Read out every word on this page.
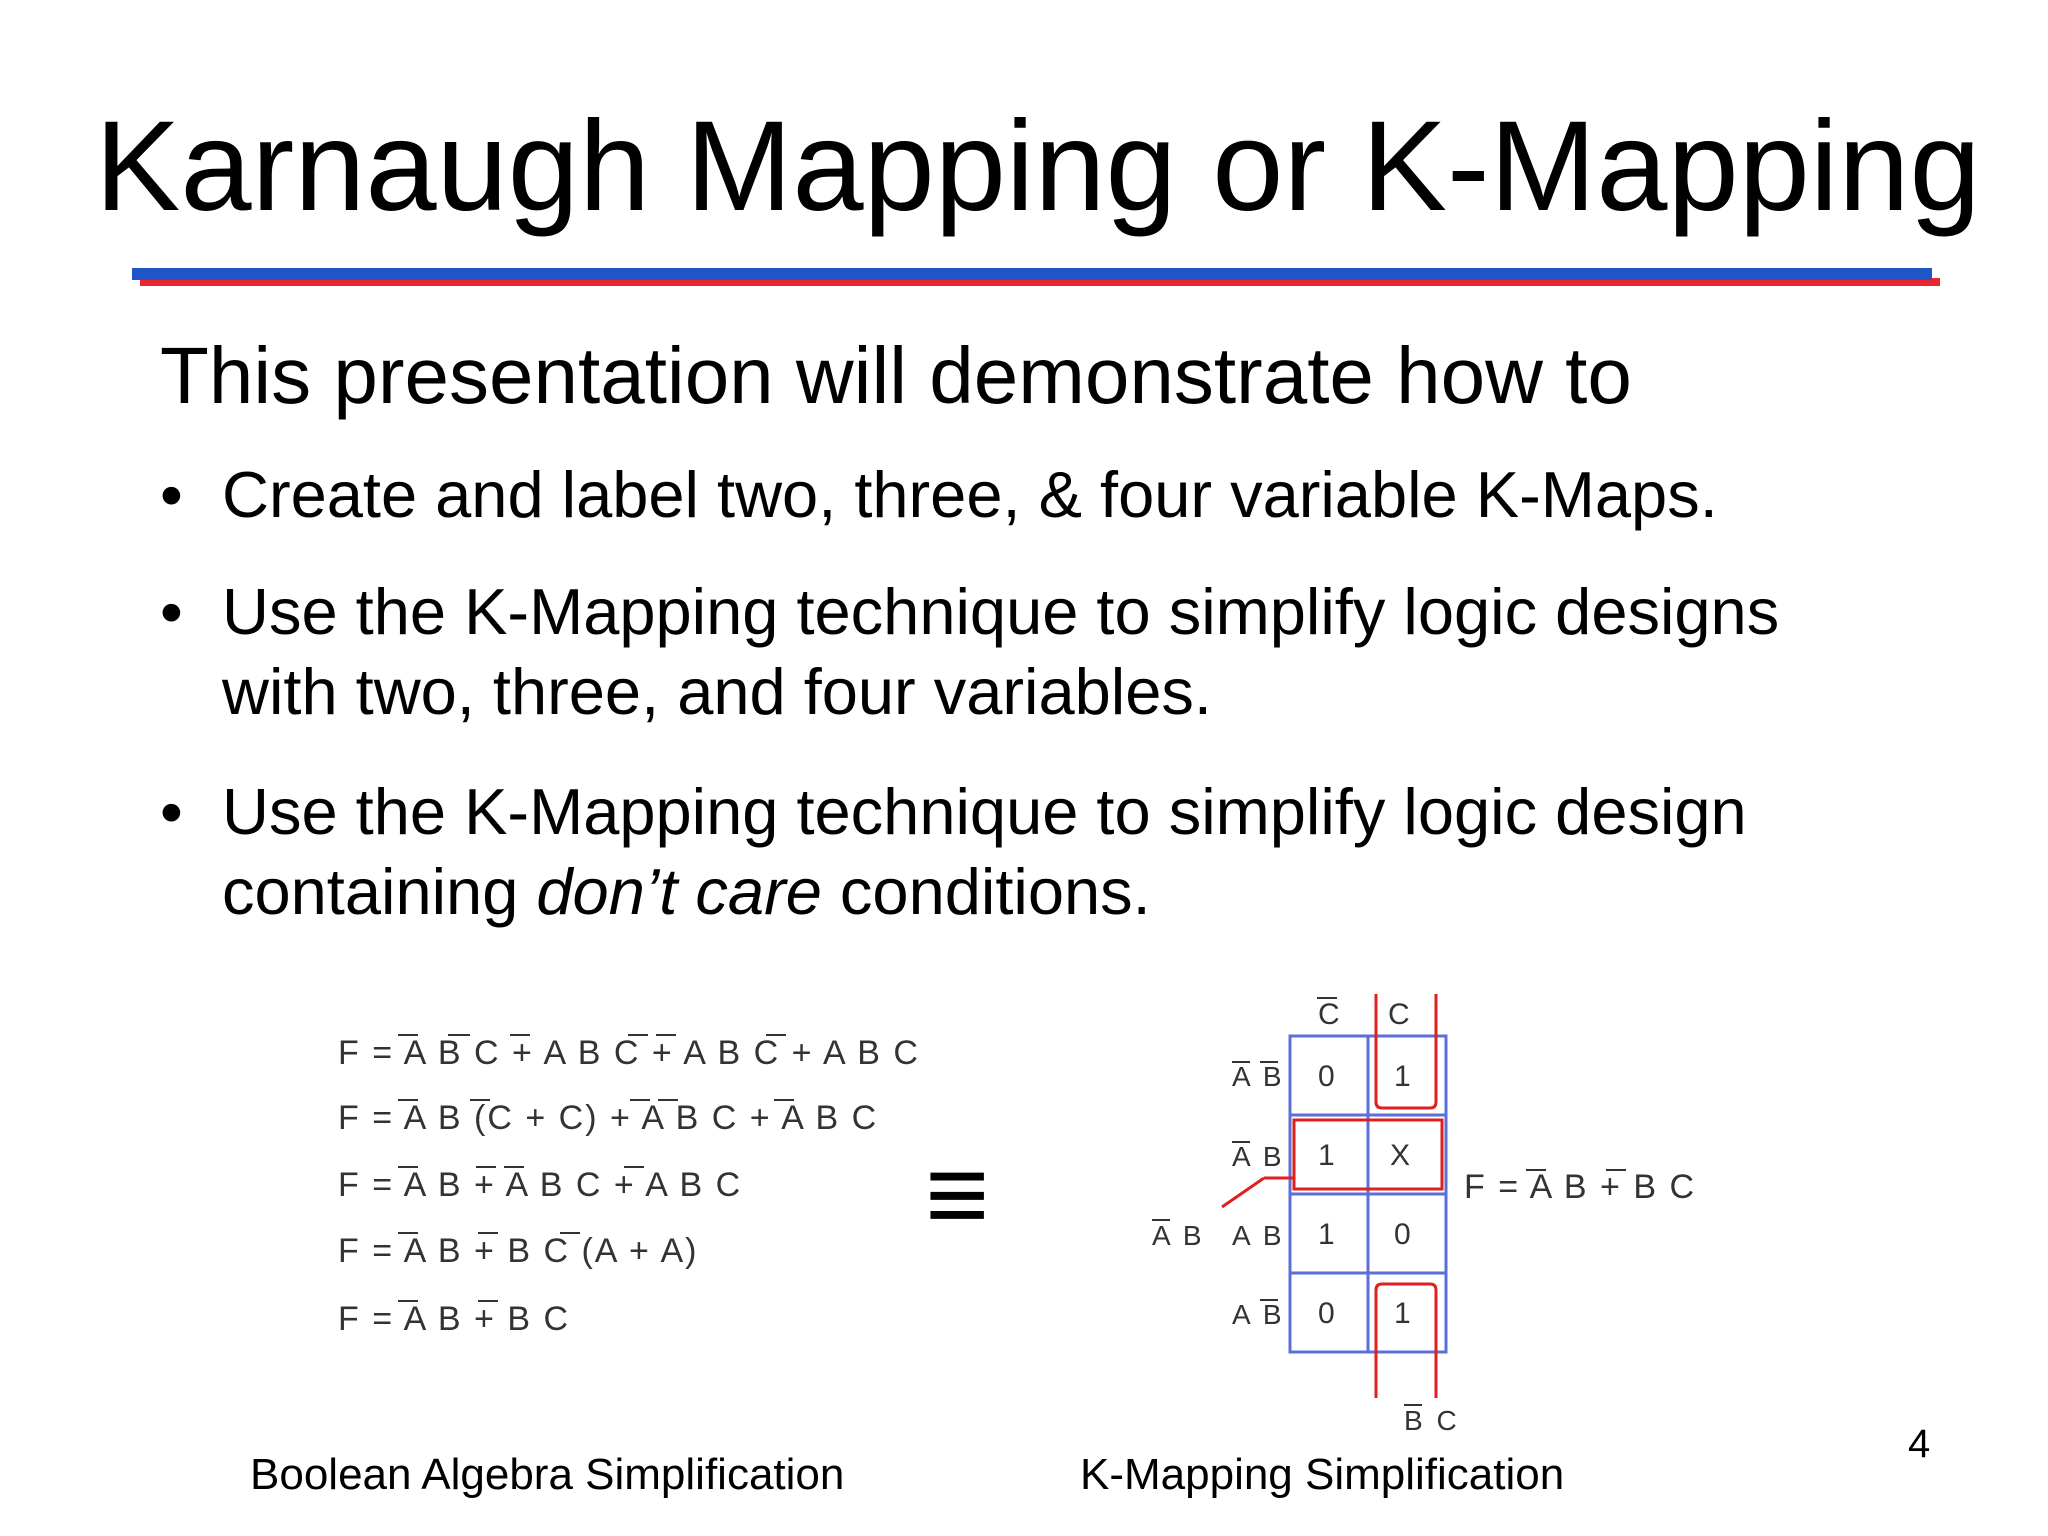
Karnaugh Mapping or K-Mapping
This presentation will demonstrate how to
• Create and label two, three, & four variable K-Maps.
• Use the K-Mapping technique to simplify logic designs
with two, three, and four variables.
• Use the K-Mapping technique to simplify logic design
containing don’t care conditions.
F = A B C + A B C + A B C + A B C
F = A B (C + C) + A B C + A B C
F = A B + A B C + A B C
F = A B + B C (A + A)
F = A B + B C
≡
C C
A B
A B
A B
A B
0 1
1 X
1 0
0 1
A B
B C
F = A B + B C
Boolean Algebra Simplification	K-Mapping Simplification
4
